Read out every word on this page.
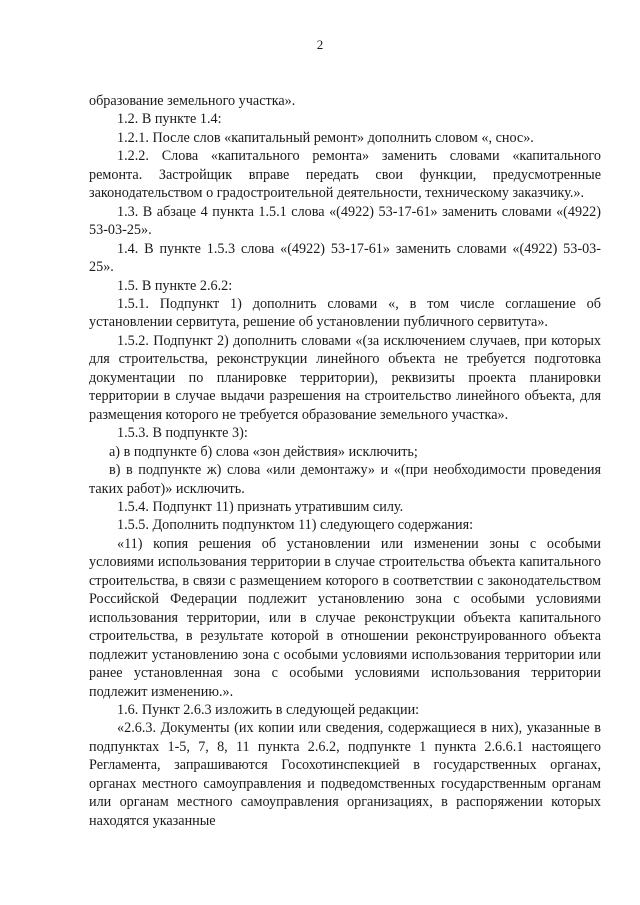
2

образование земельного участка».

1.2. В пункте 1.4:

1.2.1. После слов «капитальный ремонт» дополнить словом «, снос».

1.2.2. Слова «капитального ремонта» заменить словами «капитального ремонта. Застройщик вправе передать свои функции, предусмотренные законодательством о градостроительной деятельности, техническому заказчику.».

1.3. В абзаце 4 пункта 1.5.1 слова «(4922) 53-17-61» заменить словами «(4922) 53-03-25».

1.4. В пункте 1.5.3 слова «(4922) 53-17-61» заменить словами «(4922) 53-03-25».

1.5. В пункте 2.6.2:

1.5.1. Подпункт 1) дополнить словами «, в том числе соглашение об установлении сервитута, решение об установлении публичного сервитута».

1.5.2. Подпункт 2) дополнить словами «(за исключением случаев, при которых для строительства, реконструкции линейного объекта не требуется подготовка документации по планировке территории), реквизиты проекта планировки территории в случае выдачи разрешения на строительство линейного объекта, для размещения которого не требуется образование земельного участка».

1.5.3. В подпункте 3):

а) в подпункте б) слова «зон действия» исключить;

в) в подпункте ж) слова «или демонтажу» и «(при необходимости проведения таких работ)» исключить.

1.5.4. Подпункт 11) признать утратившим силу.

1.5.5. Дополнить подпунктом 11) следующего содержания:

«11) копия решения об установлении или изменении зоны с особыми условиями использования территории в случае строительства объекта капитального строительства, в связи с размещением которого в соответствии с законодательством Российской Федерации подлежит установлению зона с особыми условиями использования территории, или в случае реконструкции объекта капитального строительства, в результате которой в отношении реконструированного объекта подлежит установлению зона с особыми условиями использования территории или ранее установленная зона с особыми условиями использования территории подлежит изменению.».

1.6. Пункт 2.6.3 изложить в следующей редакции:

«2.6.3. Документы (их копии или сведения, содержащиеся в них), указанные в подпунктах 1-5, 7, 8, 11 пункта 2.6.2, подпункте 1 пункта 2.6.6.1 настоящего Регламента, запрашиваются Госохотинспекцией в государственных органах, органах местного самоуправления и подведомственных государственным органам или органам местного самоуправления организациях, в распоряжении которых находятся указанные
